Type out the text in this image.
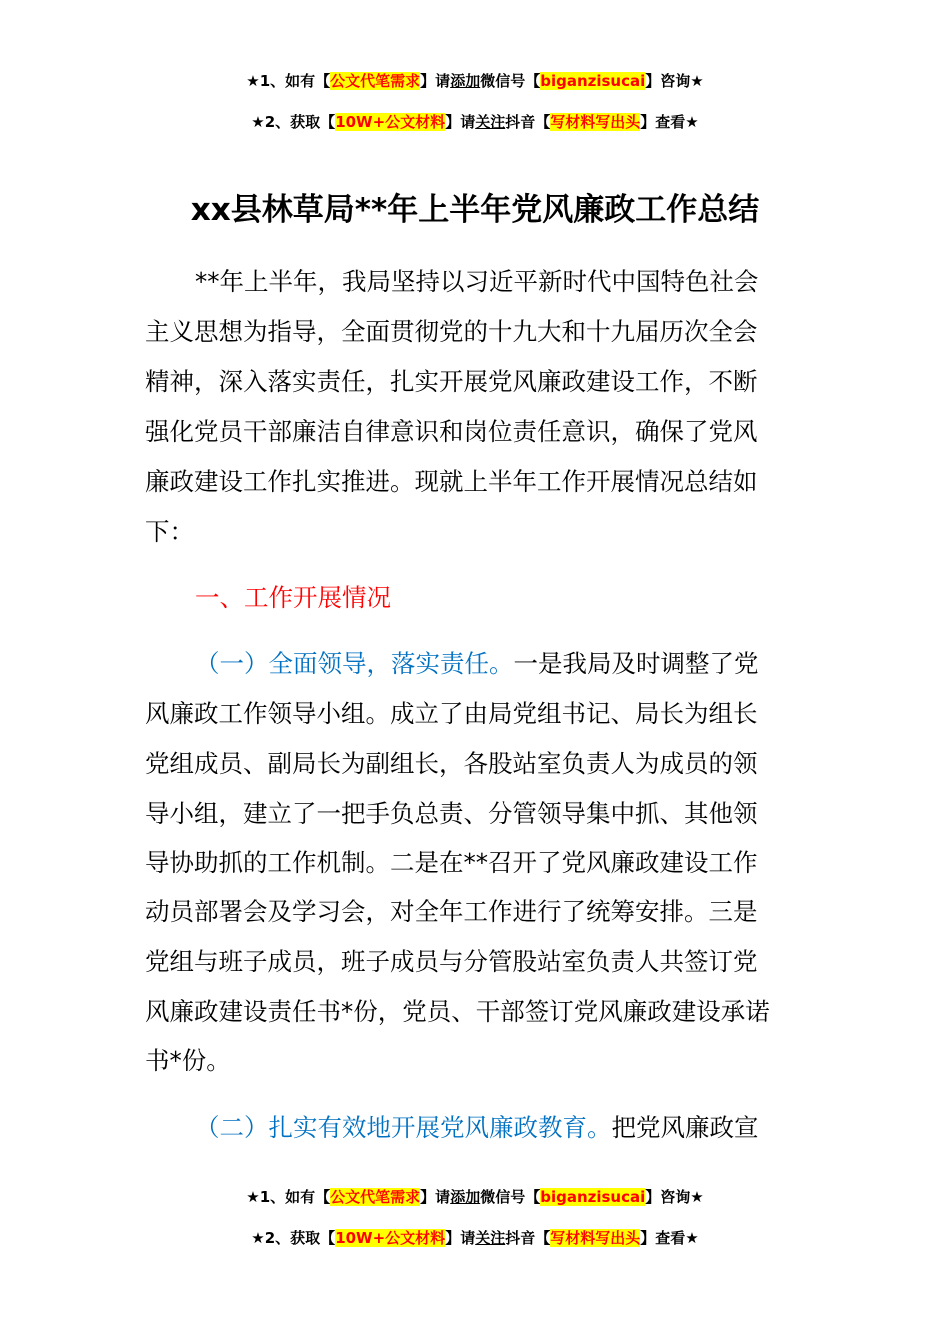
★1、如有【公文代笔需求】请添加微信号【biganzisucai】咨询★
★2、获取【10W+公文材料】请关注抖音【写材料写出头】查看★
xx县林草局**年上半年党风廉政工作总结
**年上半年，我局坚持以习近平新时代中国特色社会
主义思想为指导，全面贯彻党的十九大和十九届历次全会
精神，深入落实责任，扎实开展党风廉政建设工作，不断
强化党员干部廉洁自律意识和岗位责任意识，确保了党风
廉政建设工作扎实推进。现就上半年工作开展情况总结如
下：
一、工作开展情况
（一）全面领导，落实责任。一是我局及时调整了党
风廉政工作领导小组。成立了由局党组书记、局长为组长
党组成员、副局长为副组长，各股站室负责人为成员的领
导小组，建立了一把手负总责、分管领导集中抓、其他领
导协助抓的工作机制。二是在**召开了党风廉政建设工作
动员部署会及学习会，对全年工作进行了统筹安排。三是
党组与班子成员，班子成员与分管股站室负责人共签订党
风廉政建设责任书*份，党员、干部签订党风廉政建设承诺
书*份。
（二）扎实有效地开展党风廉政教育。把党风廉政宣
★1、如有【公文代笔需求】请添加微信号【biganzisucai】咨询★
★2、获取【10W+公文材料】请关注抖音【写材料写出头】查看★
